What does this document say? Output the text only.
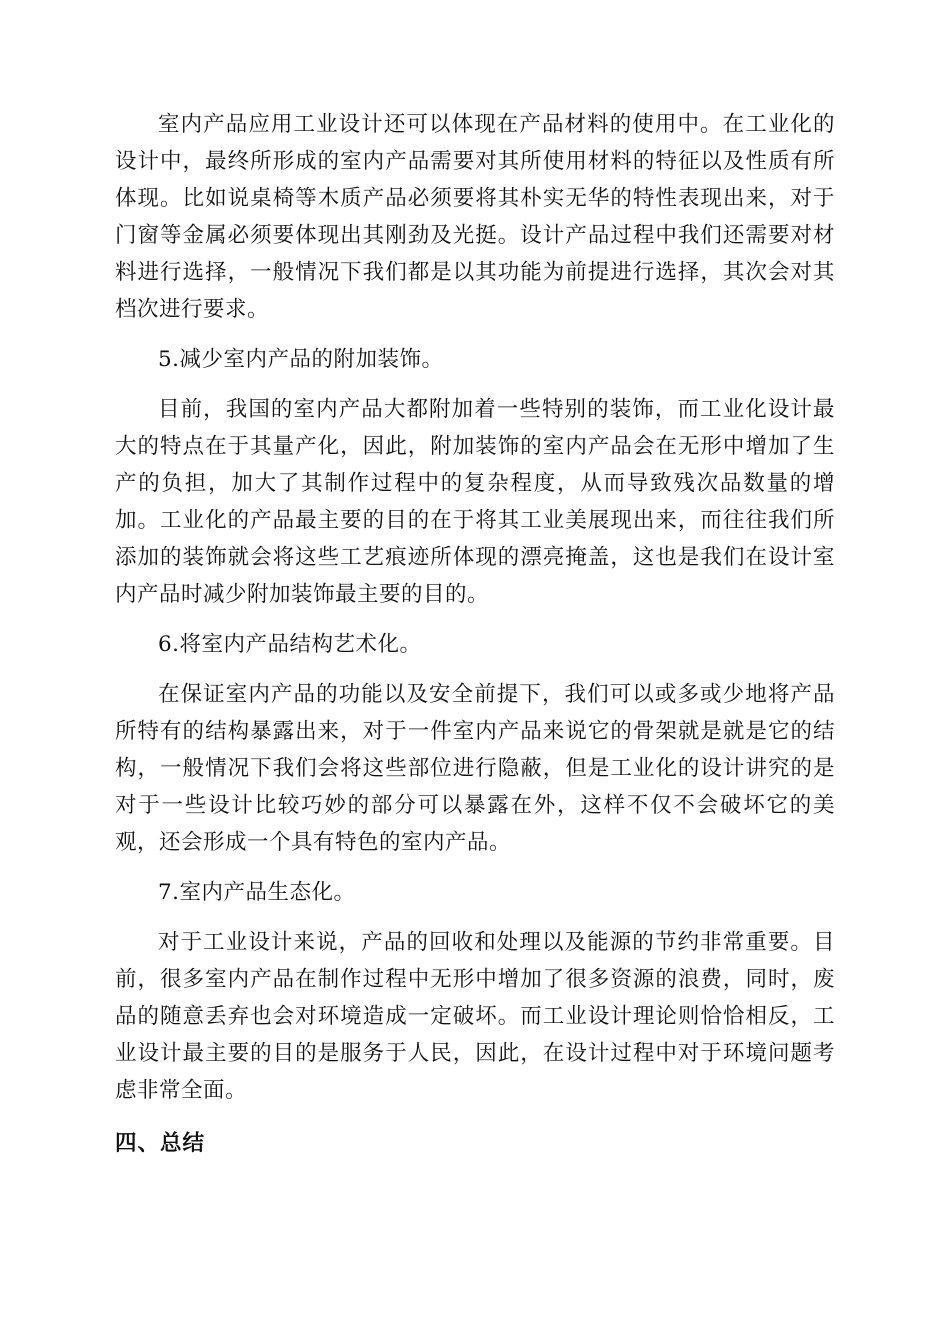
室内产品应用工业设计还可以体现在产品材料的使用中。在工业化的设计中，最终所形成的室内产品需要对其所使用材料的特征以及性质有所体现。比如说桌椅等木质产品必须要将其朴实无华的特性表现出来，对于门窗等金属必须要体现出其刚劲及光挺。设计产品过程中我们还需要对材料进行选择，一般情况下我们都是以其功能为前提进行选择，其次会对其档次进行要求。

5.减少室内产品的附加装饰。

目前，我国的室内产品大都附加着一些特别的装饰，而工业化设计最大的特点在于其量产化，因此，附加装饰的室内产品会在无形中增加了生产的负担，加大了其制作过程中的复杂程度，从而导致残次品数量的增加。工业化的产品最主要的目的在于将其工业美展现出来，而往往我们所添加的装饰就会将这些工艺痕迹所体现的漂亮掩盖，这也是我们在设计室内产品时减少附加装饰最主要的目的。

6.将室内产品结构艺术化。

在保证室内产品的功能以及安全前提下，我们可以或多或少地将产品所特有的结构暴露出来，对于一件室内产品来说它的骨架就是就是它的结构，一般情况下我们会将这些部位进行隐蔽，但是工业化的设计讲究的是对于一些设计比较巧妙的部分可以暴露在外，这样不仅不会破坏它的美观，还会形成一个具有特色的室内产品。

7.室内产品生态化。

对于工业设计来说，产品的回收和处理以及能源的节约非常重要。目前，很多室内产品在制作过程中无形中增加了很多资源的浪费，同时，废品的随意丢弃也会对环境造成一定破坏。而工业设计理论则恰恰相反，工业设计最主要的目的是服务于人民，因此，在设计过程中对于环境问题考虑非常全面。

四、总结
